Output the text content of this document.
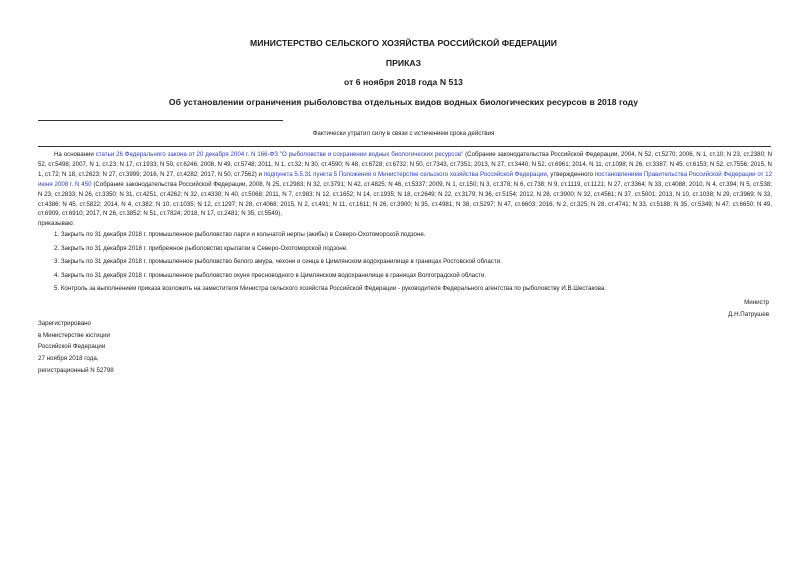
МИНИСТЕРСТВО СЕЛЬСКОГО ХОЗЯЙСТВА РОССИЙСКОЙ ФЕДЕРАЦИИ
ПРИКАЗ
от 6 ноября 2018 года N 513
Об установлении ограничения рыболовства отдельных видов водных биологических ресурсов в 2018 году
Фактически утратил силу в связи с истечением срока действия

На основании статьи 26 Федерального закона от 20 декабря 2004 г. N 166-ФЗ "О рыболовстве и сохранении водных биологических ресурсов" (Собрание законодательства Российской Федерации, 2004, N 52, ст.5270; 2006, N 1, ст.10; N 23, ст.2380; N 52, ст.5498; 2007, N 1, ст.23; N 17, ст.1933; N 50, ст.6246; 2008, N 49, ст.5748; 2011, N 1, ст.32; N 30, ст.4590; N 48, ст.6728; ст.6732; N 50, ст.7343, ст.7351; 2013, N 27, ст.3440; N 52, ст.6961; 2014, N 11, ст.1098; N 26, ст.3387; N 45, ст.6153; N 52, ст.7556; 2015, N 1, ст.72; N 18, ст.2623; N 27, ст.3999; 2016, N 27, ст.4282; 2017, N 50, ст.7562) и подпункта 5.5.31 пункта 5 Положения о Министерстве сельского хозяйства Российской Федерации, утвержденного постановлением Правительства Российской Федерации от 12 июня 2008 г. N 450 (Собрание законодательства Российской Федерации, 2008, N 25, ст.2983; N 32, ст.3791; N 42, ст.4825; N 46, ст.5337; 2009, N 1, ст.150; N 3, ст.378; N 6, ст.738; N 9, ст.1119, ст.1121; N 27, ст.3364; N 33, ст.4088; 2010, N 4, ст.394; N 5, ст.538; N 23, ст.2833; N 26, ст.3350; N 31, ст.4251, ст.4262; N 32, ст.4330; N 40, ст.5068; 2011, N 7, ст.983; N 12, ст.1652; N 14, ст.1935; N 18, ст.2649; N 22, ст.3179; N 36, ст.5154; 2012, N 28, ст.3900; N 32, ст.4561; N 37, ст.5001; 2013, N 10, ст.1038; N 29, ст.3969; N 33, ст.4386; N 45, ст.5822; 2014, N 4, ст.382; N 10, ст.1035; N 12, ст.1297; N 28, ст.4068; 2015, N 2, ст.491; N 11, ст.1611; N 26, ст.3900; N 35, ст.4981; N 38, ст.5297; N 47, ст.6603; 2016, N 2, ст.325; N 28, ст.4741; N 33, ст.5188; N 35, ст.5349; N 47, ст.6650; N 49, ст.6909, ст.6910; 2017, N 26, ст.3852; N 51, ст.7824; 2018, N 17, ст.2481; N 35, ст.5549),

приказываю:

1. Закрыть по 31 декабря 2018 г. промышленное рыболовство ларги и кольчатой нерпы (акибы) в Северо-Охотоморской подзоне.
2. Закрыть по 31 декабря 2018 г. прибрежное рыболовство крылатки в Северо-Охотоморской подзоне.
3. Закрыть по 31 декабря 2018 г. промышленное рыболовство белого амура, чехони и синца в Цимлянском водохранилище в границах Ростовской области.
4. Закрыть по 31 декабря 2018 г. промышленное рыболовство окуня пресноводного в Цимлянском водохранилище в границах Волгоградской области.
5. Контроль за выполнением приказа возложить на заместителя Министра сельского хозяйства Российской Федерации - руководителя Федерального агентства по рыболовству И.В.Шестакова.
Министр
Д.Н.Патрушев
Зарегистрировано
в Министерстве юстиции
Российской Федерации
27 ноября 2018 года,
регистрационный N 52798
